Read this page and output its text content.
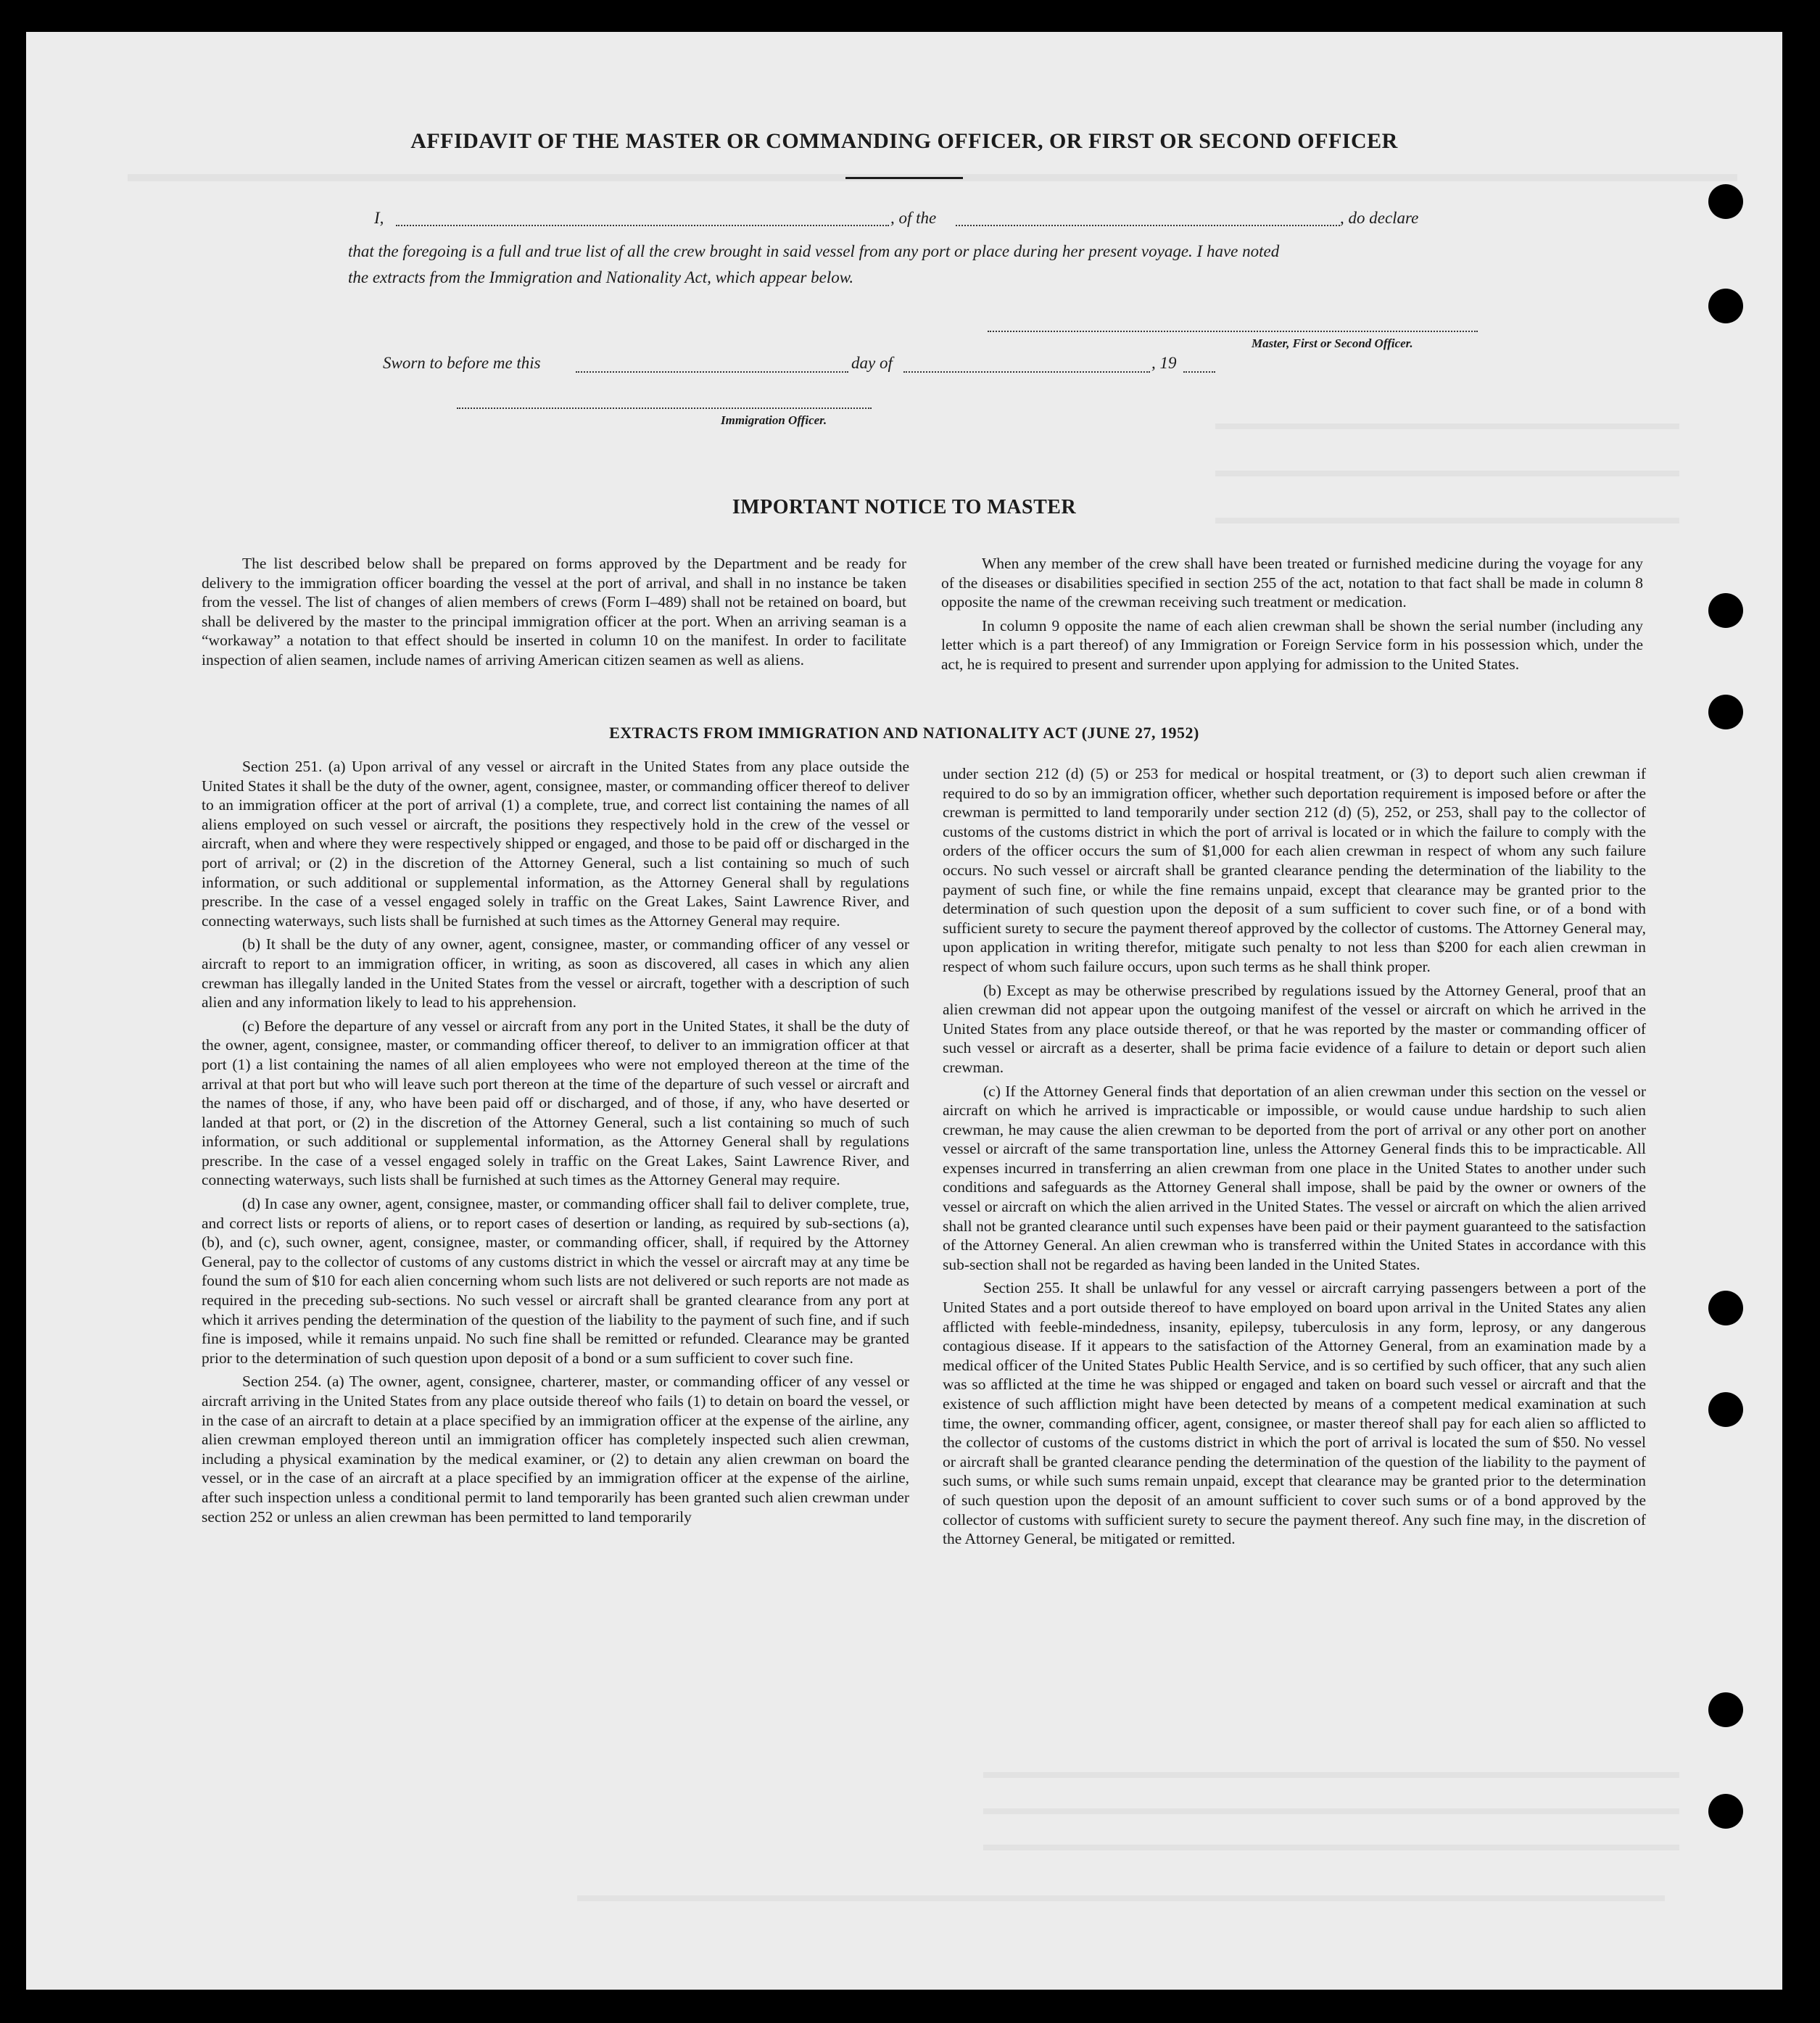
AFFIDAVIT OF THE MASTER OR COMMANDING OFFICER, OR FIRST OR SECOND OFFICER
I,	, of the	, do declare
that the foregoing is a full and true list of all the crew brought in said vessel from any port or place during her present voyage. I have noted
the extracts from the Immigration and Nationality Act, which appear below.
Master, First or Second Officer.
Sworn to before me this	day of	, 19
Immigration Officer.
IMPORTANT NOTICE TO MASTER

The list described below shall be prepared on forms approved by the Department and be ready for delivery to the immigration officer boarding the vessel at the port of arrival, and shall in no instance be taken from the vessel. The list of changes of alien members of crews (Form I–489) shall not be retained on board, but shall be delivered by the master to the principal immigration officer at the port. When an arriving seaman is a “workaway” a notation to that effect should be inserted in column 10 on the manifest. In order to facilitate inspection of alien seamen, include names of arriving American citizen seamen as well as aliens.

When any member of the crew shall have been treated or furnished medicine during the voyage for any of the diseases or disabilities specified in section 255 of the act, notation to that fact shall be made in column 8 opposite the name of the crewman receiving such treatment or medication.

In column 9 opposite the name of each alien crewman shall be shown the serial number (including any letter which is a part thereof) of any Immigration or Foreign Service form in his possession which, under the act, he is required to present and surrender upon applying for admission to the United States.

EXTRACTS FROM IMMIGRATION AND NATIONALITY ACT (JUNE 27, 1952)

Section 251. (a) Upon arrival of any vessel or aircraft in the United States from any place outside the United States it shall be the duty of the owner, agent, consignee, master, or commanding officer thereof to deliver to an immigration officer at the port of arrival (1) a complete, true, and correct list containing the names of all aliens employed on such vessel or aircraft, the positions they respectively hold in the crew of the vessel or aircraft, when and where they were respectively shipped or engaged, and those to be paid off or discharged in the port of arrival; or (2) in the discretion of the Attorney General, such a list containing so much of such information, or such additional or supplemental information, as the Attorney General shall by regulations prescribe. In the case of a vessel engaged solely in traffic on the Great Lakes, Saint Lawrence River, and connecting waterways, such lists shall be furnished at such times as the Attorney General may require.

(b) It shall be the duty of any owner, agent, consignee, master, or commanding officer of any vessel or aircraft to report to an immigration officer, in writing, as soon as discovered, all cases in which any alien crewman has illegally landed in the United States from the vessel or aircraft, together with a description of such alien and any information likely to lead to his apprehension.

(c) Before the departure of any vessel or aircraft from any port in the United States, it shall be the duty of the owner, agent, consignee, master, or commanding officer thereof, to deliver to an immigration officer at that port (1) a list containing the names of all alien employees who were not employed thereon at the time of the arrival at that port but who will leave such port thereon at the time of the departure of such vessel or aircraft and the names of those, if any, who have been paid off or discharged, and of those, if any, who have deserted or landed at that port, or (2) in the discretion of the Attorney General, such a list containing so much of such information, or such additional or supplemental information, as the Attorney General shall by regulations prescribe. In the case of a vessel engaged solely in traffic on the Great Lakes, Saint Lawrence River, and connecting waterways, such lists shall be furnished at such times as the Attorney General may require.

(d) In case any owner, agent, consignee, master, or commanding officer shall fail to deliver complete, true, and correct lists or reports of aliens, or to report cases of desertion or landing, as required by sub-sections (a), (b), and (c), such owner, agent, consignee, master, or commanding officer, shall, if required by the Attorney General, pay to the collector of customs of any customs district in which the vessel or aircraft may at any time be found the sum of $10 for each alien concerning whom such lists are not delivered or such reports are not made as required in the preceding sub-sections. No such vessel or aircraft shall be granted clearance from any port at which it arrives pending the determination of the question of the liability to the payment of such fine, and if such fine is imposed, while it remains unpaid. No such fine shall be remitted or refunded. Clearance may be granted prior to the determination of such question upon deposit of a bond or a sum sufficient to cover such fine.

Section 254. (a) The owner, agent, consignee, charterer, master, or commanding officer of any vessel or aircraft arriving in the United States from any place outside thereof who fails (1) to detain on board the vessel, or in the case of an aircraft to detain at a place specified by an immigration officer at the expense of the airline, any alien crewman employed thereon until an immigration officer has completely inspected such alien crewman, including a physical examination by the medical examiner, or (2) to detain any alien crewman on board the vessel, or in the case of an aircraft at a place specified by an immigration officer at the expense of the airline, after such inspection unless a conditional permit to land temporarily has been granted such alien crewman under section 252 or unless an alien crewman has been permitted to land temporarily

under section 212 (d) (5) or 253 for medical or hospital treatment, or (3) to deport such alien crewman if required to do so by an immigration officer, whether such deportation requirement is imposed before or after the crewman is permitted to land temporarily under section 212 (d) (5), 252, or 253, shall pay to the collector of customs of the customs district in which the port of arrival is located or in which the failure to comply with the orders of the officer occurs the sum of $1,000 for each alien crewman in respect of whom any such failure occurs. No such vessel or aircraft shall be granted clearance pending the determination of the liability to the payment of such fine, or while the fine remains unpaid, except that clearance may be granted prior to the determination of such question upon the deposit of a sum sufficient to cover such fine, or of a bond with sufficient surety to secure the payment thereof approved by the collector of customs. The Attorney General may, upon application in writing therefor, mitigate such penalty to not less than $200 for each alien crewman in respect of whom such failure occurs, upon such terms as he shall think proper.

(b) Except as may be otherwise prescribed by regulations issued by the Attorney General, proof that an alien crewman did not appear upon the outgoing manifest of the vessel or aircraft on which he arrived in the United States from any place outside thereof, or that he was reported by the master or commanding officer of such vessel or aircraft as a deserter, shall be prima facie evidence of a failure to detain or deport such alien crewman.

(c) If the Attorney General finds that deportation of an alien crewman under this section on the vessel or aircraft on which he arrived is impracticable or impossible, or would cause undue hardship to such alien crewman, he may cause the alien crewman to be deported from the port of arrival or any other port on another vessel or aircraft of the same transportation line, unless the Attorney General finds this to be impracticable. All expenses incurred in transferring an alien crewman from one place in the United States to another under such conditions and safeguards as the Attorney General shall impose, shall be paid by the owner or owners of the vessel or aircraft on which the alien arrived in the United States. The vessel or aircraft on which the alien arrived shall not be granted clearance until such expenses have been paid or their payment guaranteed to the satisfaction of the Attorney General. An alien crewman who is transferred within the United States in accordance with this sub-section shall not be regarded as having been landed in the United States.

Section 255. It shall be unlawful for any vessel or aircraft carrying passengers between a port of the United States and a port outside thereof to have employed on board upon arrival in the United States any alien afflicted with feeble-mindedness, insanity, epilepsy, tuberculosis in any form, leprosy, or any dangerous contagious disease. If it appears to the satisfaction of the Attorney General, from an examination made by a medical officer of the United States Public Health Service, and is so certified by such officer, that any such alien was so afflicted at the time he was shipped or engaged and taken on board such vessel or aircraft and that the existence of such affliction might have been detected by means of a competent medical examination at such time, the owner, commanding officer, agent, consignee, or master thereof shall pay for each alien so afflicted to the collector of customs of the customs district in which the port of arrival is located the sum of $50. No vessel or aircraft shall be granted clearance pending the determination of the question of the liability to the payment of such sums, or while such sums remain unpaid, except that clearance may be granted prior to the determination of such question upon the deposit of an amount sufficient to cover such sums or of a bond approved by the collector of customs with sufficient surety to secure the payment thereof. Any such fine may, in the discretion of the Attorney General, be mitigated or remitted.
